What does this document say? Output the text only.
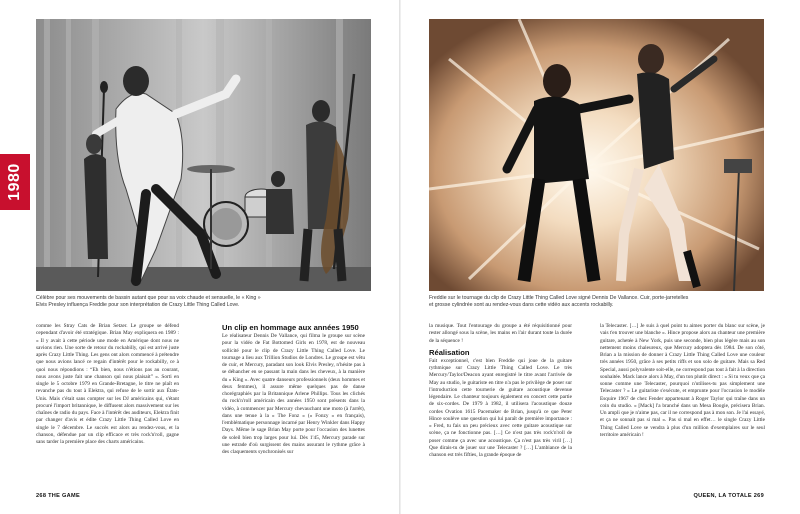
Célèbre pour ses mouvements de bassin autant que pour sa voix chaude et sensuelle, le « King »
Elvis Presley influença Freddie pour son interprétation de Crazy Little Thing Called Love.
Freddie sur le tournage du clip de Crazy Little Thing Called Love signé Dennis De Vallance. Cuir, porte-jarretelles
et grosse cylindrée sont au rendez-vous dans cette vidéo aux accents rockabilly.
1980

comme les Stray Cats de Brian Setzer. Le groupe se défend cependant d'avoir été stratégique. Brian May expliquera en 1989 : « Il y avait à cette période une mode en Amérique dont nous ne savions rien. Une sorte de retour du rockabilly, qui est arrivé juste après Crazy Little Thing. Les gens ont alors commencé à prétendre que nous avions lancé ce regain d'intérêt pour le rockabilly, ce à quoi nous répondions : “Eh bien, nous n'étions pas au courant, nous avons juste fait une chanson qui nous plaisait” ». Sorti en single le 5 octobre 1979 en Grande-Bretagne, le titre ne plaît en revanche pas du tout à Elektra, qui refuse de le sortir aux États-Unis. Mais c'était sans compter sur les DJ américains qui, s'étant procuré l'import britannique, le diffusent alors massivement sur les chaînes de radio du pays. Face à l'intérêt des auditeurs, Elektra finit par changer d'avis et édite Crazy Little Thing Called Love en single le 7 décembre. Le succès est alors au rendez-vous, et la chanson, défendue par un clip efficace et très rock'n'roll, gagne sans tarder la première place des charts américains.

Un clip en hommage aux années 1950

Le réalisateur Dennis De Vallance, qui filma le groupe sur scène pour la vidéo de Fat Bottomed Girls en 1978, est de nouveau sollicité pour le clip de Crazy Little Thing Called Love. Le tournage a lieu aux Trillion Studios de Londres. Le groupe est vêtu de cuir, et Mercury, paradant son look Elvis Presley, n'hésite pas à se déhancher en se passant la main dans les cheveux, à la manière du « King ». Avec quatre danseurs professionnels (deux hommes et deux femmes), il assure même quelques pas de danse chorégraphiés par la Britannique Arlene Phillips. Tous les clichés du rock'n'roll américain des années 1950 sont présents dans la vidéo, à commencer par Mercury chevauchant une moto (à l'arrêt), dans une tenue à la « The Fonz » (« Fonzy » en français), l'emblématique personnage incarné par Henry Winkler dans Happy Days. Même le sage Brian May porte pour l'occasion des lunettes de soleil bien trop larges pour lui. Dès 1'45, Mercury parade sur une estrade d'où surgissent des mains assurant le rythme grâce à des claquements synchronisés sur

la musique. Tout l'entourage du groupe a été réquisitionné pour rester allongé sous la scène, les mains en l'air durant toute la durée de la séquence !

Réalisation

Fait exceptionnel, c'est bien Freddie qui joue de la guitare rythmique sur Crazy Little Thing Called Love. Le très Mercury/Taylor/Deacon ayant enregistré le titre avant l'arrivée de May au studio, le guitariste en titre n'a pas le privilège de poser sur l'introduction cette tournerie de guitare acoustique devenue légendaire. Le chanteur toujours également en concert cette partie de six-cordes. De 1979 à 1982, il utilisera l'acoustique douze cordes Ovation 1615 Pacemaker de Brian, jusqu'à ce que Peter Hince soulève une question qui lui paraît de première importance : « Fred, tu fais un peu précieux avec cette guitare acoustique sur scène, ça ne fonctionne pas. […] Ce n'est pas très rock'n'roll de poser comme ça avec une acoustique. Ça n'est pas très viril […] Que dirais-tu de jouer sur une Telecaster ? […] L'ambiance de la chanson est très fifties, la grande époque de

la Telecaster. […] Je suis à quel point tu aimes porter du blanc sur scène, je vais t'en trouver une blanche ». Hince propose alors au chanteur une première guitare, achetée à New York, puis une seconde, bien plus légère mais au son nettement moins chaleureux, que Mercury adoptera dès 1984. De son côté, Brian a la mission de donner à Crazy Little Thing Called Love une couleur très années 1950, grâce à ses petits riffs et son solo de guitare. Mais sa Red Special, aussi polyvalente soit-elle, ne correspond pas tout à fait à la direction souhaitée. Mack lance alors à May, d'un ton plutôt direct : « Si tu veux que ça sonne comme une Telecaster, pourquoi n'utilises-tu pas simplement une Telecaster ? » Le guitariste s'exécute, et emprunte pour l'occasion le modèle Esquire 1967 de chez Fender appartenant à Roger Taylor qui traîne dans un coin du studio. « [Mack] l'a branché dans un Mesa Boogie, précisera Brian. Un ampli que je n'aime pas, car il ne correspond pas à mon son. Je l'ai essayé, et ça ne sonnait pas si mal ». Pas si mal en effet… le single Crazy Little Thing Called Love se vendra à plus d'un million d'exemplaires sur le seul territoire américain !

268 THE GAME	QUEEN, LA TOTALE 269
